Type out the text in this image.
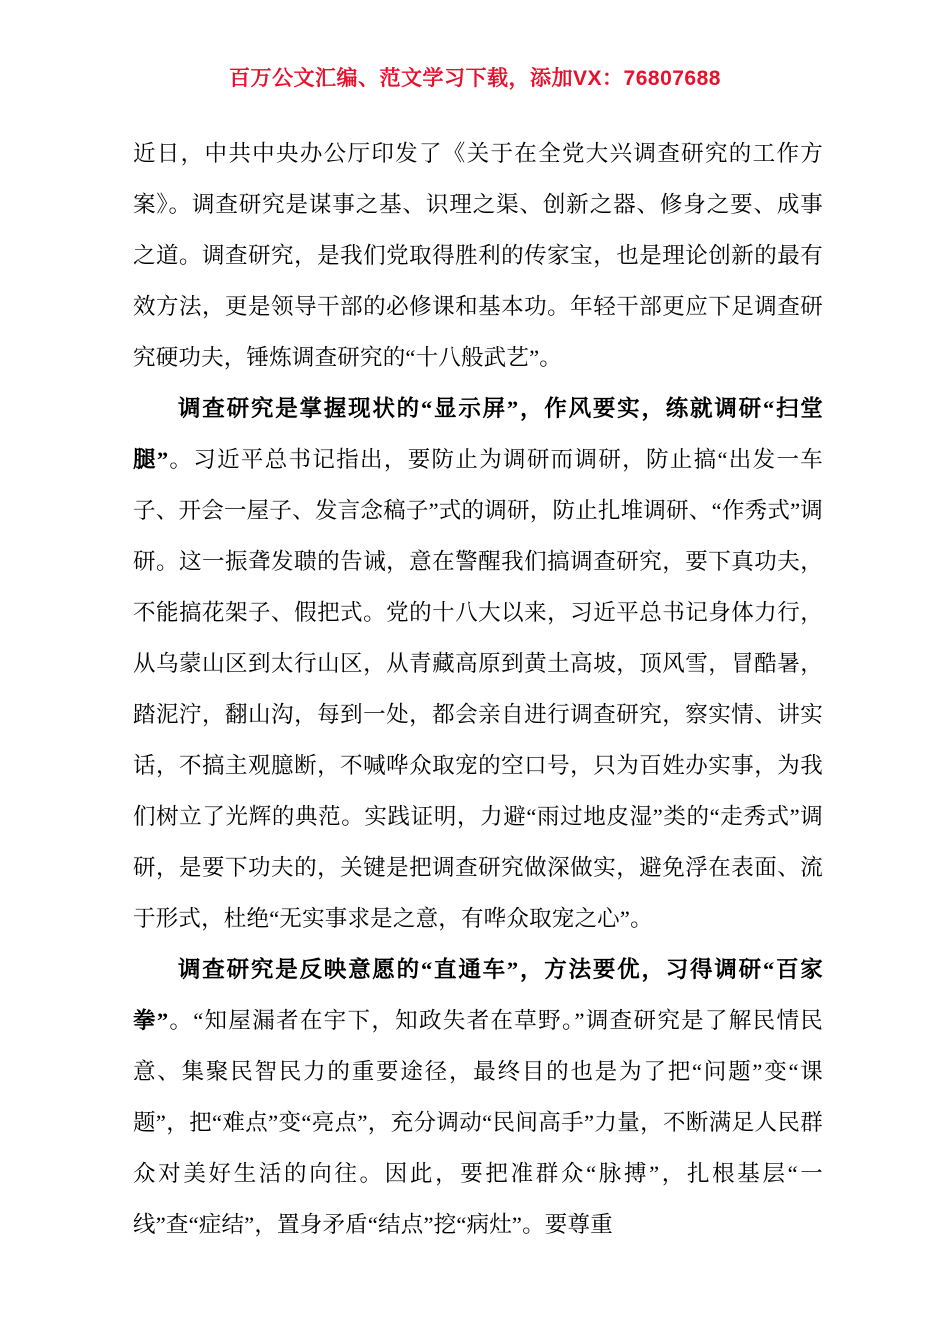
百万公文汇编、范文学习下载，添加VX：76807688

近日，中共中央办公厅印发了《关于在全党大兴调查研究的工作方案》。调查研究是谋事之基、识理之渠、创新之器、修身之要、成事之道。调查研究，是我们党取得胜利的传家宝，也是理论创新的最有效方法，更是领导干部的必修课和基本功。年轻干部更应下足调查研究硬功夫，锤炼调查研究的“十八般武艺”。

调查研究是掌握现状的“显示屏”，作风要实，练就调研“扫堂腿”。习近平总书记指出，要防止为调研而调研，防止搞“出发一车子、开会一屋子、发言念稿子”式的调研，防止扎堆调研、“作秀式”调研。这一振聋发聩的告诫，意在警醒我们搞调查研究，要下真功夫，不能搞花架子、假把式。党的十八大以来，习近平总书记身体力行，从乌蒙山区到太行山区，从青藏高原到黄土高坡，顶风雪，冒酷暑，踏泥泞，翻山沟，每到一处，都会亲自进行调查研究，察实情、讲实话，不搞主观臆断，不喊哗众取宠的空口号，只为百姓办实事，为我们树立了光辉的典范。实践证明，力避“雨过地皮湿”类的“走秀式”调研，是要下功夫的，关键是把调查研究做深做实，避免浮在表面、流于形式，杜绝“无实事求是之意，有哗众取宠之心”。

调查研究是反映意愿的“直通车”，方法要优，习得调研“百家拳”。“知屋漏者在宇下，知政失者在草野。”调查研究是了解民情民意、集聚民智民力的重要途径，最终目的也是为了把“问题”变“课题”，把“难点”变“亮点”，充分调动“民间高手”力量，不断满足人民群众对美好生活的向往。因此，要把准群众“脉搏”，扎根基层“一线”查“症结”，置身矛盾“结点”挖“病灶”。要尊重
